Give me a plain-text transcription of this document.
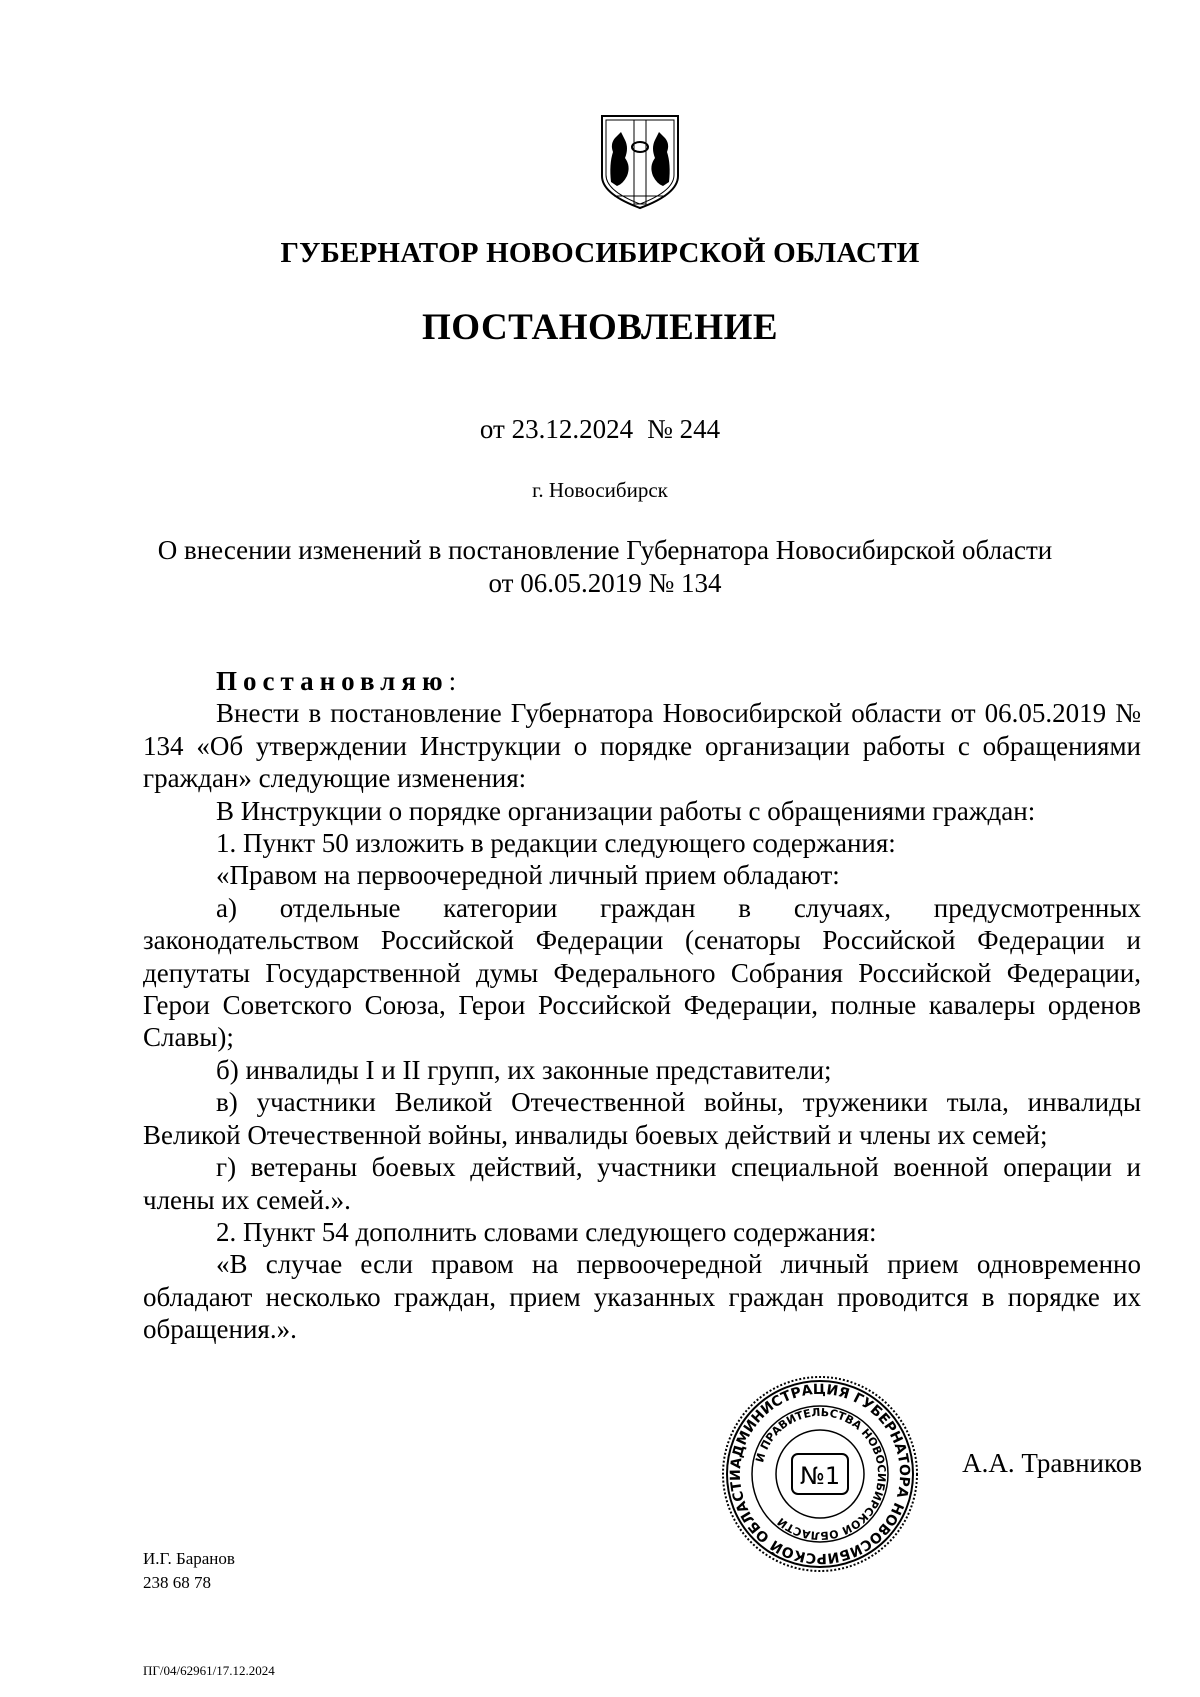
ГУБЕРНАТОР НОВОСИБИРСКОЙ ОБЛАСТИ
ПОСТАНОВЛЕНИЕ
от 23.12.2024 № 244
г. Новосибирск
О внесении изменений в постановление Губернатора Новосибирской области
от 06.05.2019 № 134

Постановляю:

Внести в постановление Губернатора Новосибирской области от 06.05.2019 № 134 «Об утверждении Инструкции о порядке организации работы с обращениями граждан» следующие изменения:

В Инструкции о порядке организации работы с обращениями граждан:

1. Пункт 50 изложить в редакции следующего содержания:

«Правом на первоочередной личный прием обладают:

а) отдельные категории граждан в случаях, предусмотренных законодательством Российской Федерации (сенаторы Российской Федерации и депутаты Государственной думы Федерального Собрания Российской Федерации, Герои Советского Союза, Герои Российской Федерации, полные кавалеры орденов Славы);

б) инвалиды I и II групп, их законные представители;

в) участники Великой Отечественной войны, труженики тыла, инвалиды Великой Отечественной войны, инвалиды боевых действий и члены их семей;

г) ветераны боевых действий, участники специальной военной операции и члены их семей.».

2. Пункт 54 дополнить словами следующего содержания:

«В случае если правом на первоочередной личный прием одновременно обладают несколько граждан, прием указанных граждан проводится в порядке их обращения.».

АДМИНИСТРАЦИЯ ГУБЕРНАТОРА НОВОСИБИРСКОЙ ОБЛАСТИ
И ПРАВИТЕЛЬСТВА НОВОСИБИРСКОЙ ОБЛАСТИ
№1	А.А. Травников
И.Г. Баранов
238 68 78
ПГ/04/62961/17.12.2024
